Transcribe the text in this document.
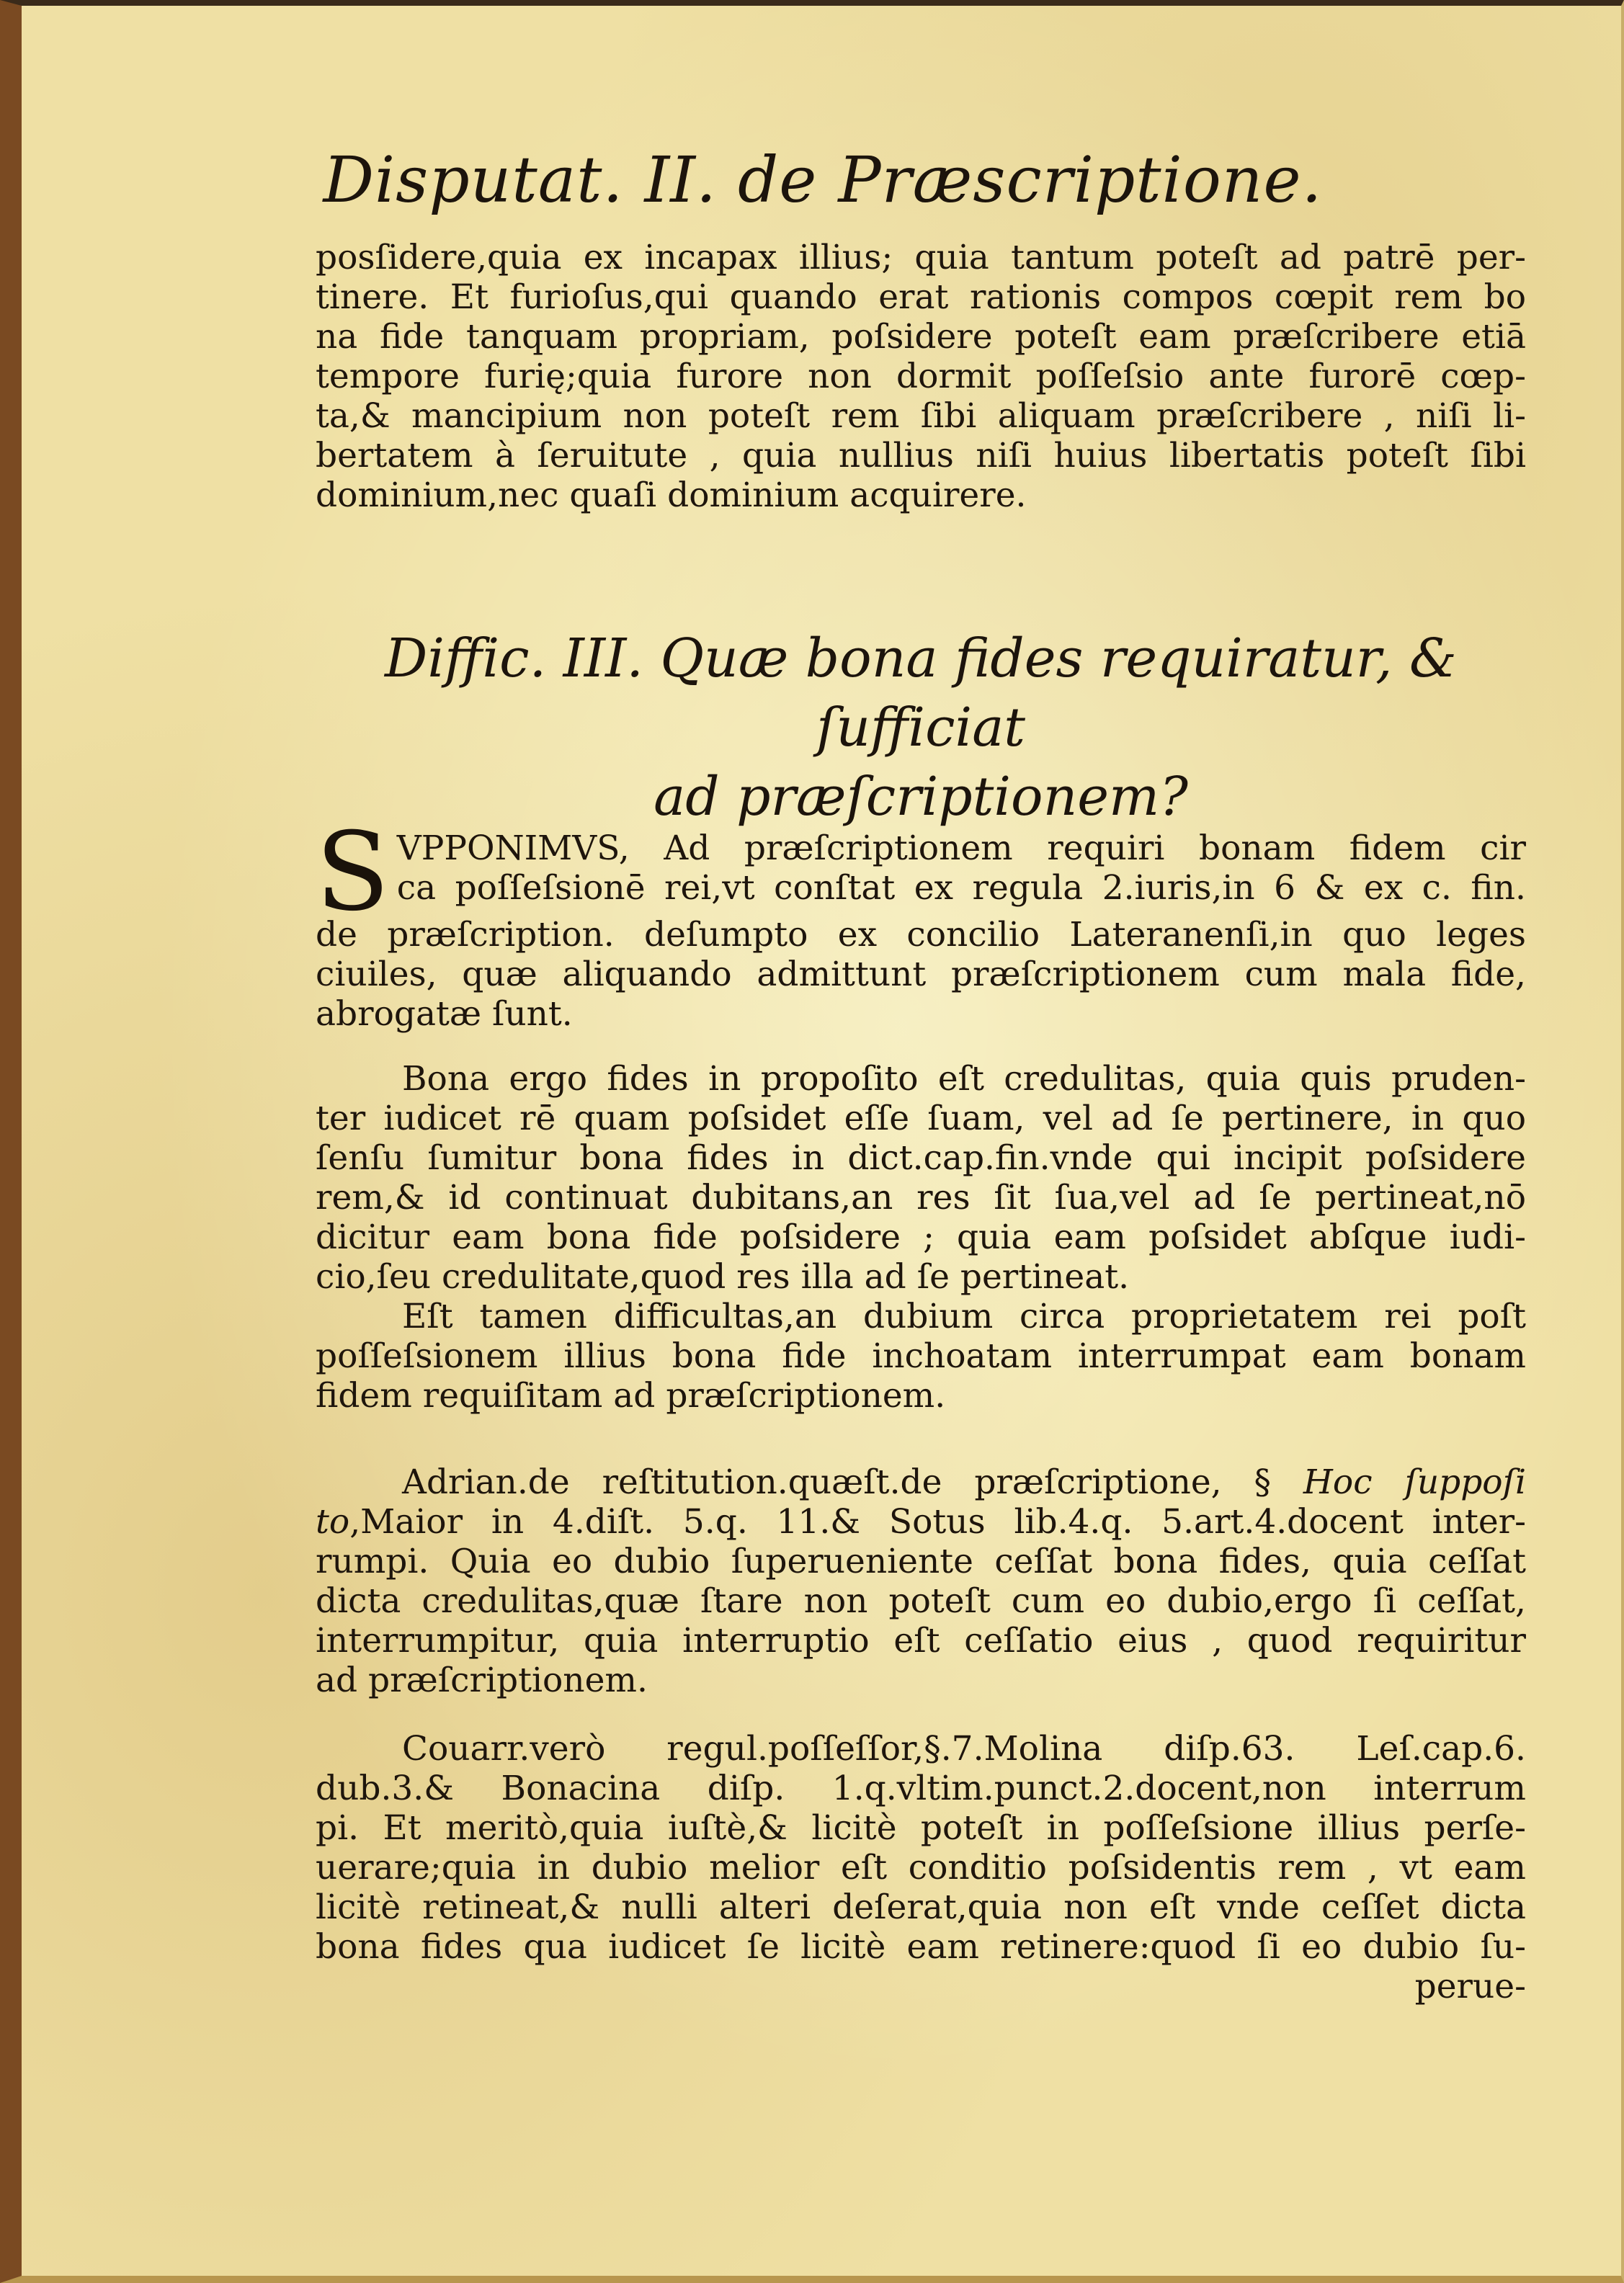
Disputat. II. de Præscriptione.
posſidere,quia ex incapax illius; quia tantum poteſt ad patrē per-
tinere. Et furioſus,qui quando erat rationis compos cœpit rem bo
na fide tanquam propriam, poſsidere poteſt eam præſcribere etiā
tempore furię;quia furore non dormit poſſeſsio ante furorē cœp-
ta,& mancipium non poteſt rem ſibi aliquam præſcribere , niſi li-
bertatem à ſeruitute , quia nullius niſi huius libertatis poteſt ſibi
dominium,nec quaſi dominium acquirere.
Diffic. III. Quæ bona fides requiratur, & ſufficiat
ad præſcriptionem?
S VPPONIMVS, Ad præſcriptionem requiri bonam fidem cir
ca poſſeſsionē rei,vt conſtat ex regula 2.iuris,in 6 & ex c. fin.
de præſcription. deſumpto ex concilio Lateranenſi,in quo leges
ciuiles, quæ aliquando admittunt præſcriptionem cum mala fide,
abrogatæ ſunt.
Bona ergo fides in propoſito eſt credulitas, quia quis pruden-
ter iudicet rē quam poſsidet eſſe ſuam, vel ad ſe pertinere, in quo
ſenſu ſumitur bona fides in dict.cap.fin.vnde qui incipit poſsidere
rem,& id continuat dubitans,an res ſit ſua,vel ad ſe pertineat,nō
dicitur eam bona fide poſsidere ; quia eam poſsidet abſque iudi-
cio,ſeu credulitate,quod res illa ad ſe pertineat.
Eſt tamen difficultas,an dubium circa proprietatem rei poſt
poſſeſsionem illius bona fide inchoatam interrumpat eam bonam
fidem requiſitam ad præſcriptionem.
Adrian.de reſtitution.quæſt.de præſcriptione, § Hoc ſuppoſi
to,Maior in 4.diſt. 5.q. 11.& Sotus lib.4.q. 5.art.4.docent inter-
rumpi. Quia eo dubio ſuperueniente ceſſat bona fides, quia ceſſat
dicta credulitas,quæ ſtare non poteſt cum eo dubio,ergo ſi ceſſat,
interrumpitur, quia interruptio eſt ceſſatio eius , quod requiritur
ad præſcriptionem.
Couarr.verò regul.poſſeſſor,§.7.Molina diſp.63. Leſ.cap.6.
dub.3.& Bonacina diſp. 1.q.vltim.punct.2.docent,non interrum
pi. Et meritò,quia iuſtè,& licitè poteſt in poſſeſsione illius perſe-
uerare;quia in dubio melior eſt conditio poſsidentis rem , vt eam
licitè retineat,& nulli alteri deſerat,quia non eſt vnde ceſſet dicta
bona fides qua iudicet ſe licitè eam retinere:quod ſi eo dubio ſu-
perue-
